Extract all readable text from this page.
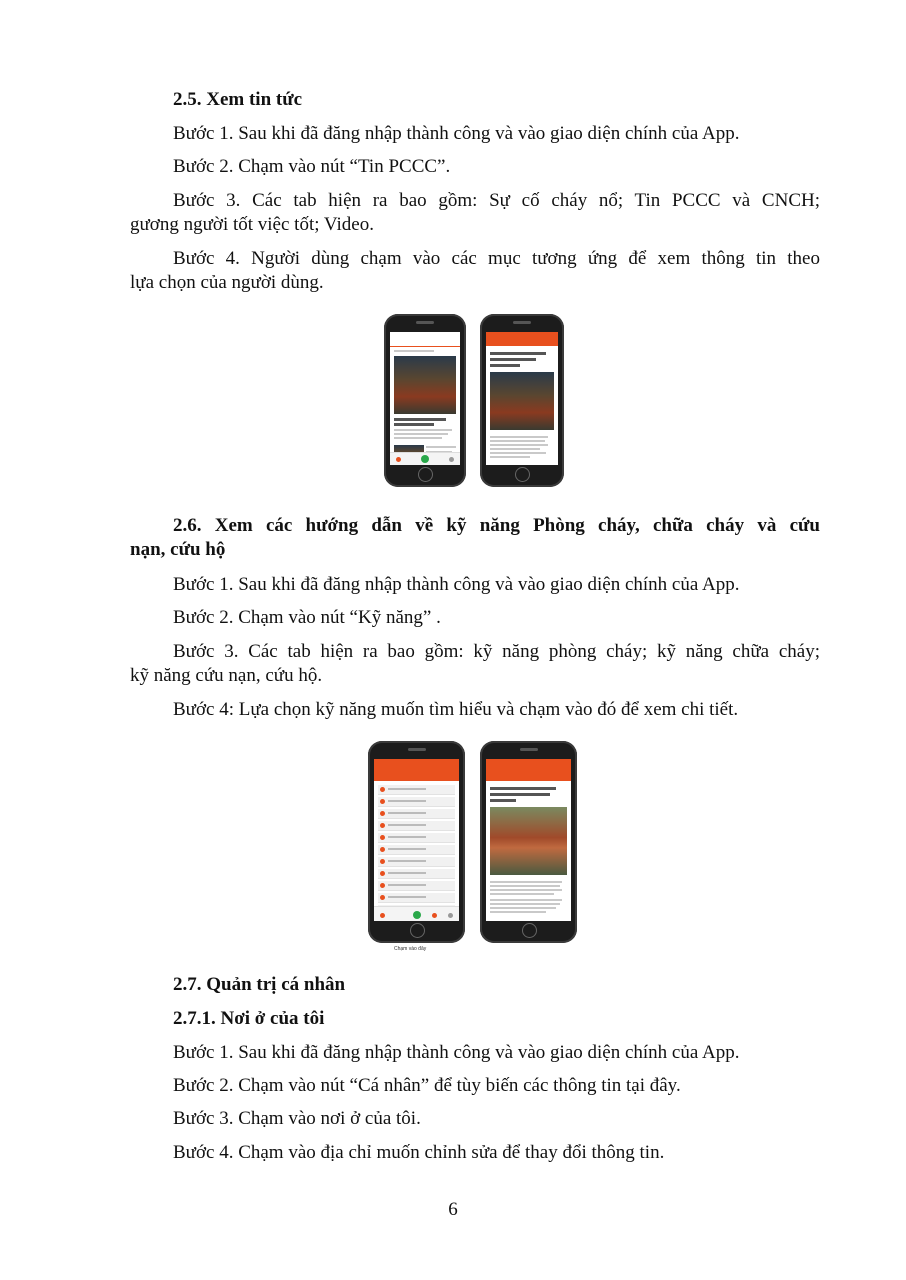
2.5. Xem tin tức
Bước 1. Sau khi đã đăng nhập thành công và vào giao diện chính của App.
Bước 2. Chạm vào nút “Tin PCCC”.
Bước 3. Các tab hiện ra bao gồm: Sự cố cháy nổ; Tin PCCC và CNCH;
gương người tốt việc tốt; Video.
Bước 4. Người dùng chạm vào các mục tương ứng để xem thông tin theo
lựa chọn của người dùng.
2.6. Xem các hướng dẫn về kỹ năng Phòng cháy, chữa cháy và cứu
nạn, cứu hộ
Bước 1. Sau khi đã đăng nhập thành công và vào giao diện chính của App.
Bước 2. Chạm vào nút “Kỹ năng” .
Bước 3. Các tab hiện ra bao gồm: kỹ năng phòng cháy; kỹ năng chữa cháy;
kỹ năng cứu nạn, cứu hộ.
Bước 4: Lựa chọn kỹ năng muốn tìm hiểu và chạm vào đó để xem chi tiết.
Chạm vào đây
2.7. Quản trị cá nhân
2.7.1. Nơi ở của tôi
Bước 1. Sau khi đã đăng nhập thành công và vào giao diện chính của App.
Bước 2. Chạm vào nút “Cá nhân” để tùy biến các thông tin tại đây.
Bước 3. Chạm vào nơi ở của tôi.
Bước 4. Chạm vào địa chỉ muốn chỉnh sửa để thay đổi thông tin.
6
